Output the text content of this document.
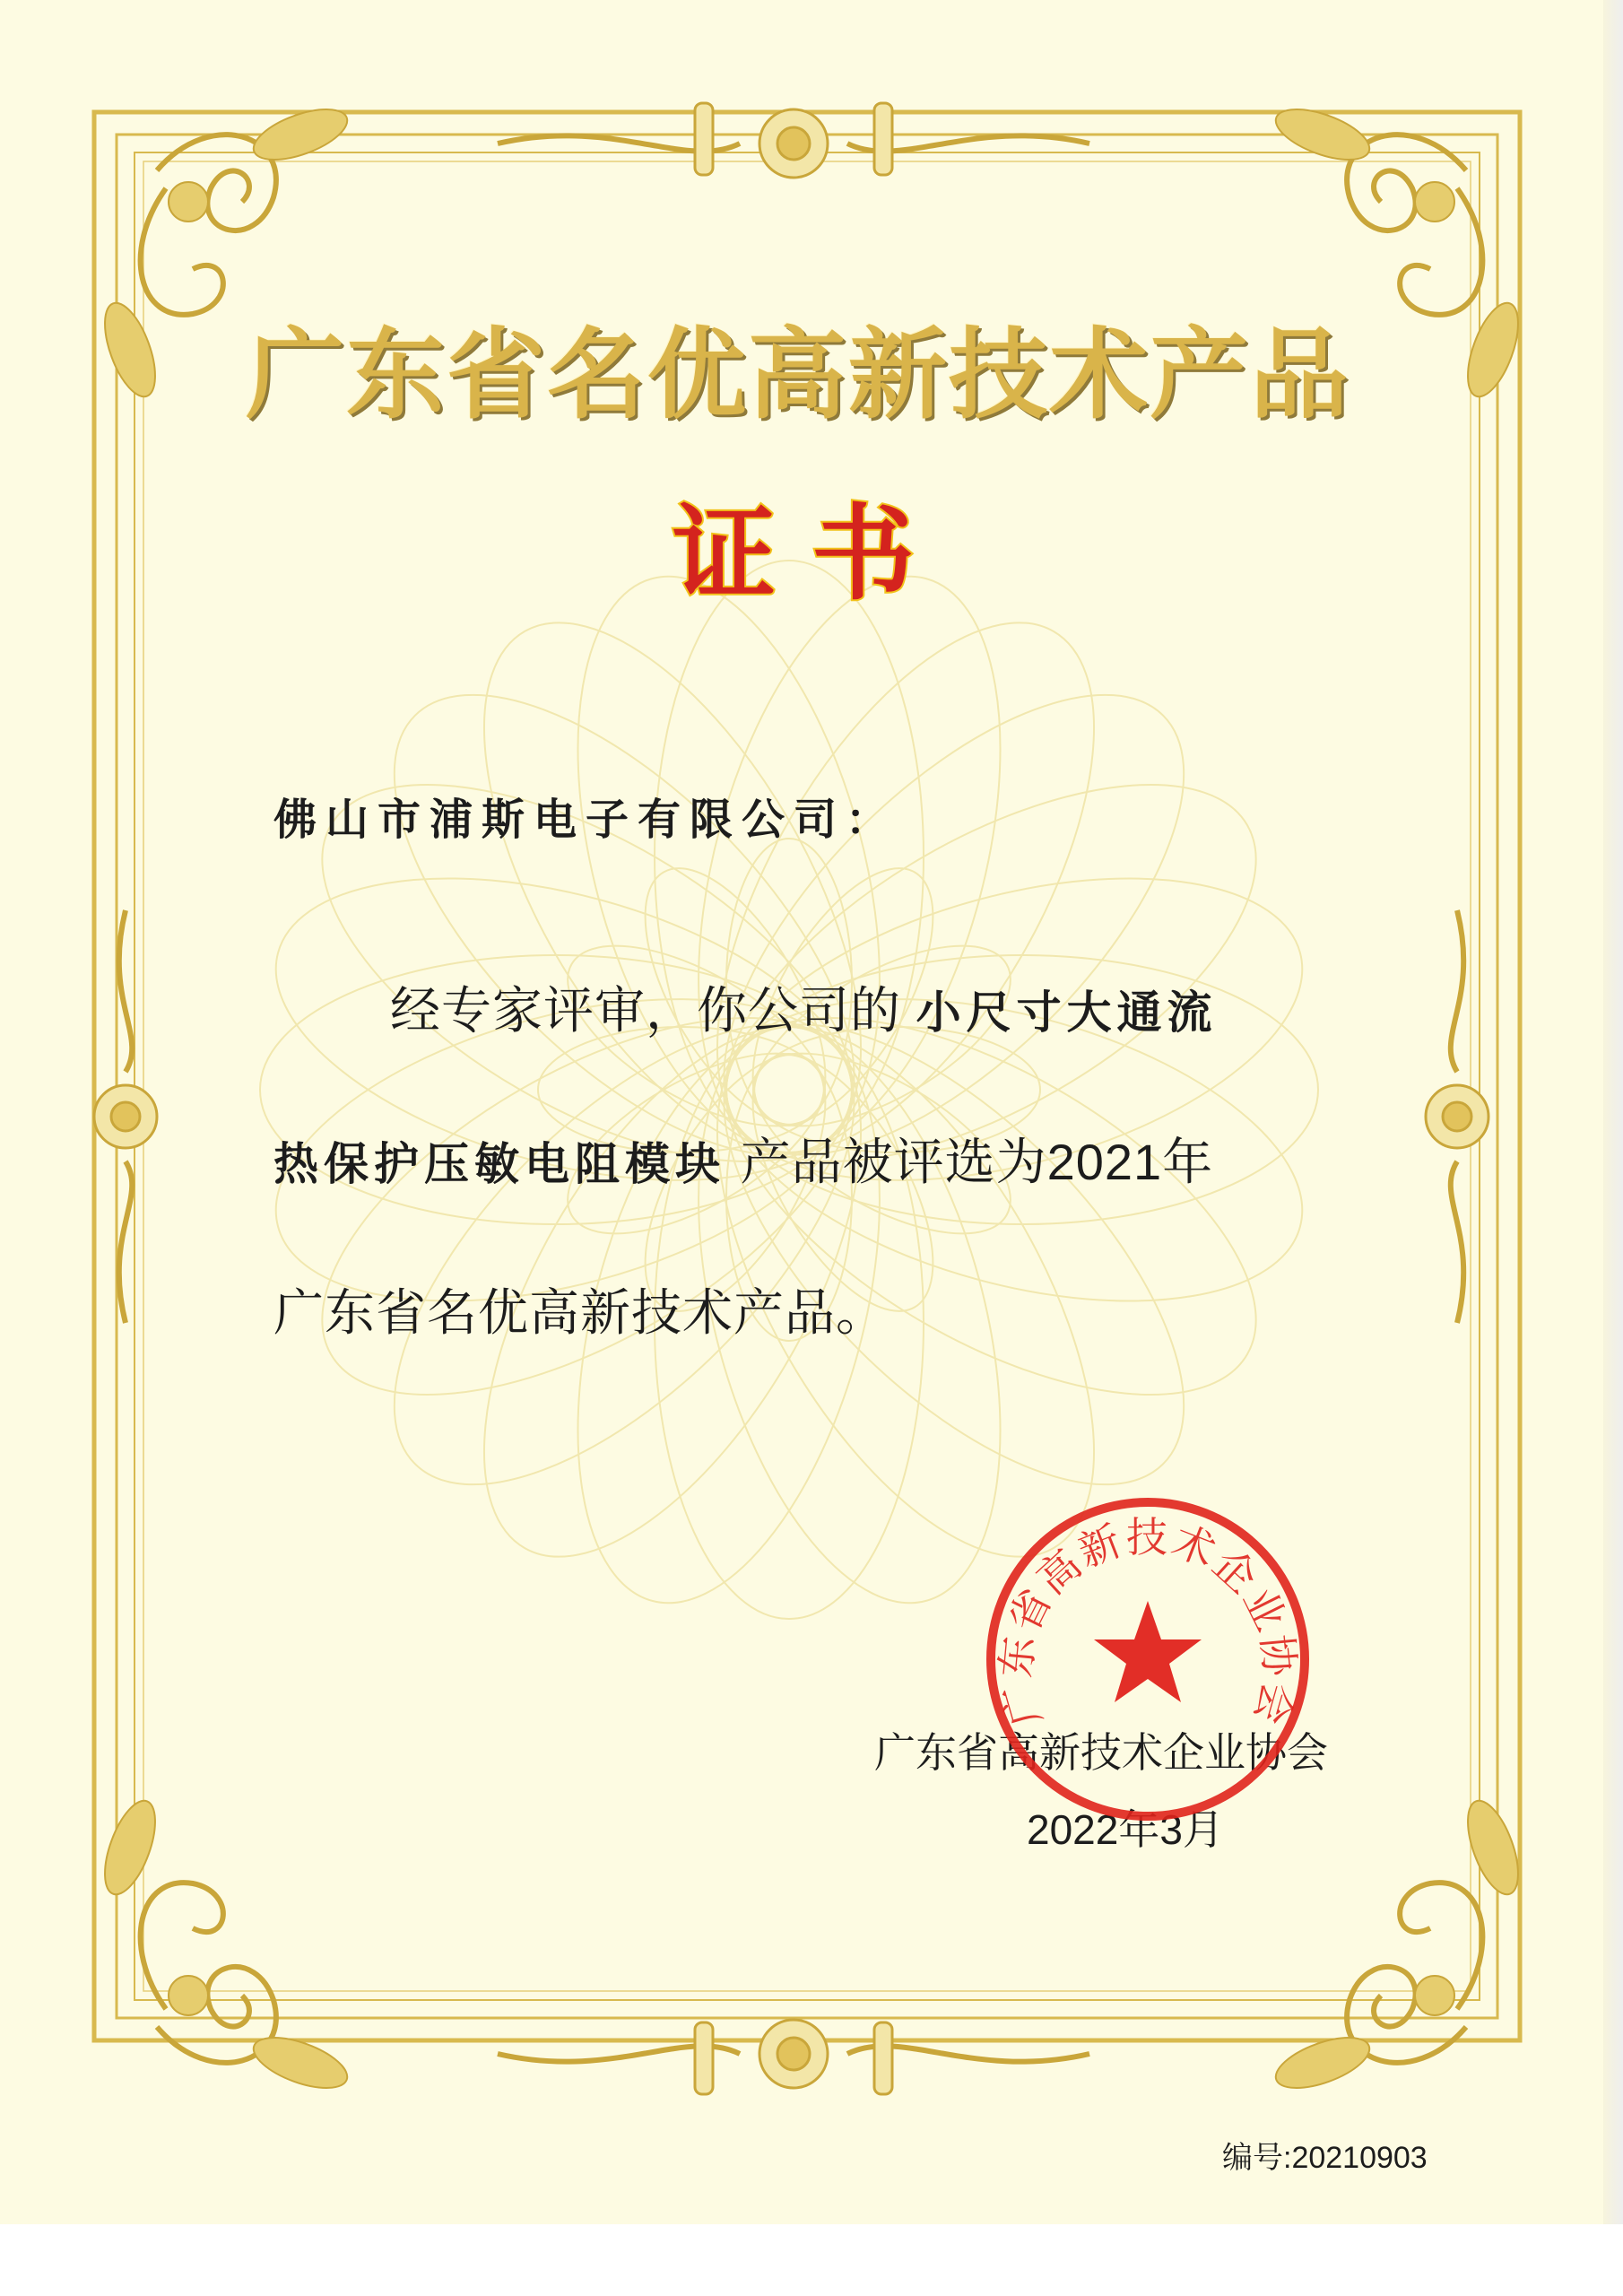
广东省名优高新技术产品
证书
佛山市浦斯电子有限公司：
经专家评审，你公司的 小尺寸大通流
热保护压敏电阻模块 产品被评选为2021年
广东省名优高新技术产品。
广东省高新技术企业协会
2022年3月
广东省高新技术企业协会
编号:20210903
